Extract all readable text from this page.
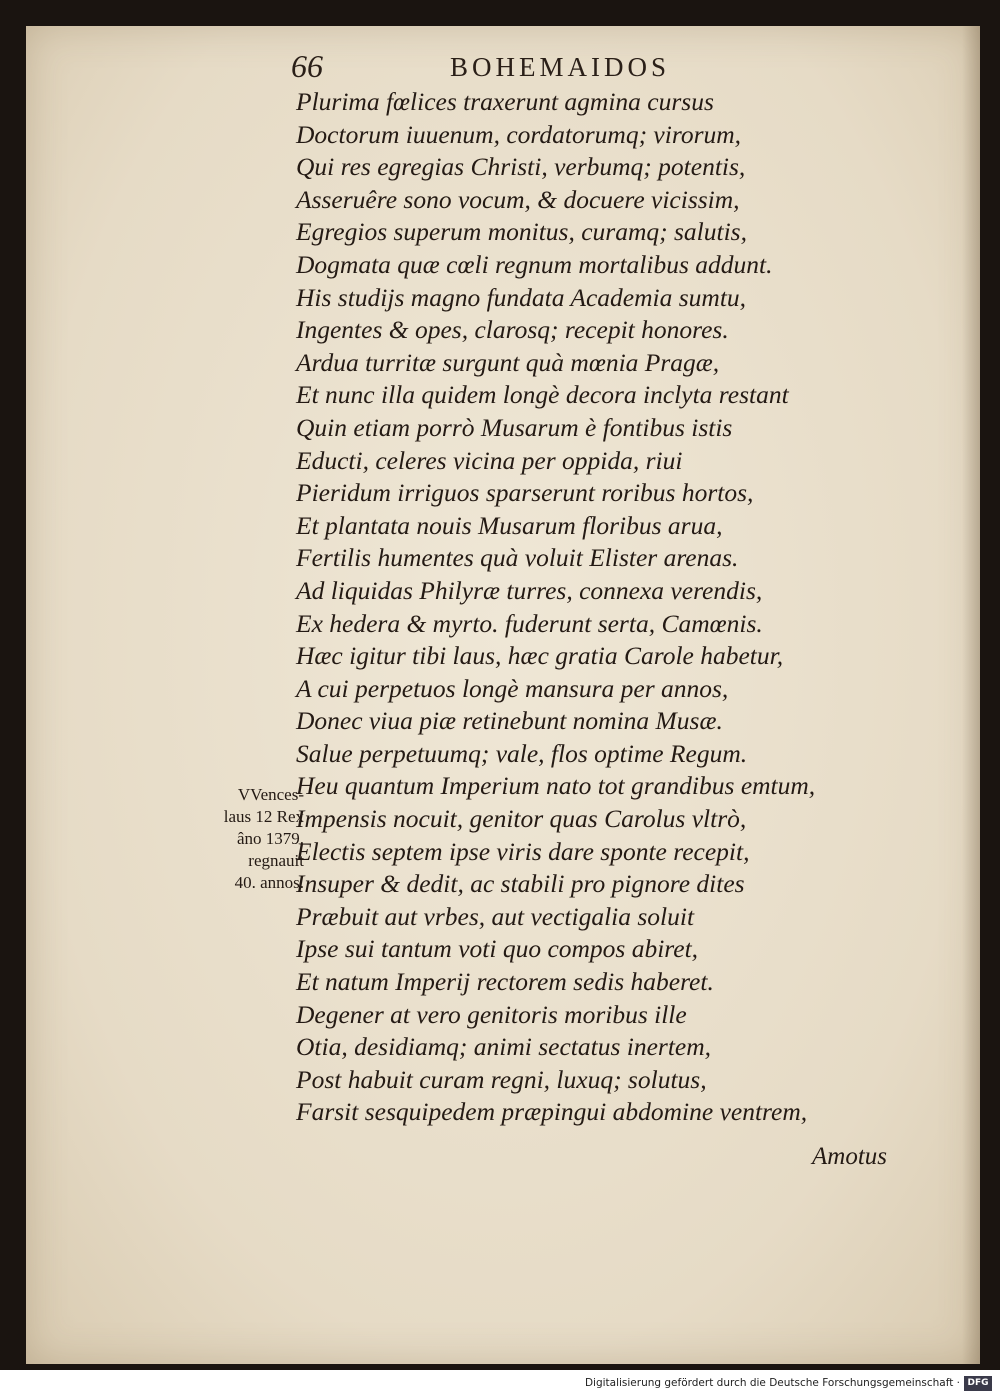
66	BOHEMAIDOS
Plurima fœlices traxerunt agmina cursus
Doctorum iuuenum, cordatorumq; virorum,
Qui res egregias Christi, verbumq; potentis,
Asseruêre sono vocum, & docuere vicissim,
Egregios superum monitus, curamq; salutis,
Dogmata quæ cœli regnum mortalibus addunt.
His studijs magno fundata Academia sumtu,
Ingentes & opes, clarosq; recepit honores.
Ardua turritæ surgunt quà mœnia Pragæ,
Et nunc illa quidem longè decora inclyta restant
Quin etiam porrò Musarum è fontibus istis
Educti, celeres vicina per oppida, riui
Pieridum irriguos sparserunt roribus hortos,
Et plantata nouis Musarum floribus arua,
Fertilis humentes quà voluit Elister arenas.
Ad liquidas Philyræ turres, connexa verendis,
Ex hedera & myrto. fuderunt serta, Camœnis.
Hæc igitur tibi laus, hæc gratia Carole habetur,
A cui perpetuos longè mansura per annos,
Donec viua piæ retinebunt nomina Musæ.
Salue perpetuumq; vale, flos optime Regum.
Heu quantum Imperium nato tot grandibus emtum,
Impensis nocuit, genitor quas Carolus vltrò,
Electis septem ipse viris dare sponte recepit,
Insuper & dedit, ac stabili pro pignore dites
Præbuit aut vrbes, aut vectigalia soluit
Ipse sui tantum voti quo compos abiret,
Et natum Imperij rectorem sedis haberet.
Degener at vero genitoris moribus ille
Otia, desidiamq; animi sectatus inertem,
Post habuit curam regni, luxuq; solutus,
Farsit sesquipedem præpingui abdomine ventrem,
VVences-
laus 12 Rex
âno 1379.
regnauit
40. annos.
Amotus
Digitalisierung gefördert durch die Deutsche Forschungsgemeinschaft · DFG
